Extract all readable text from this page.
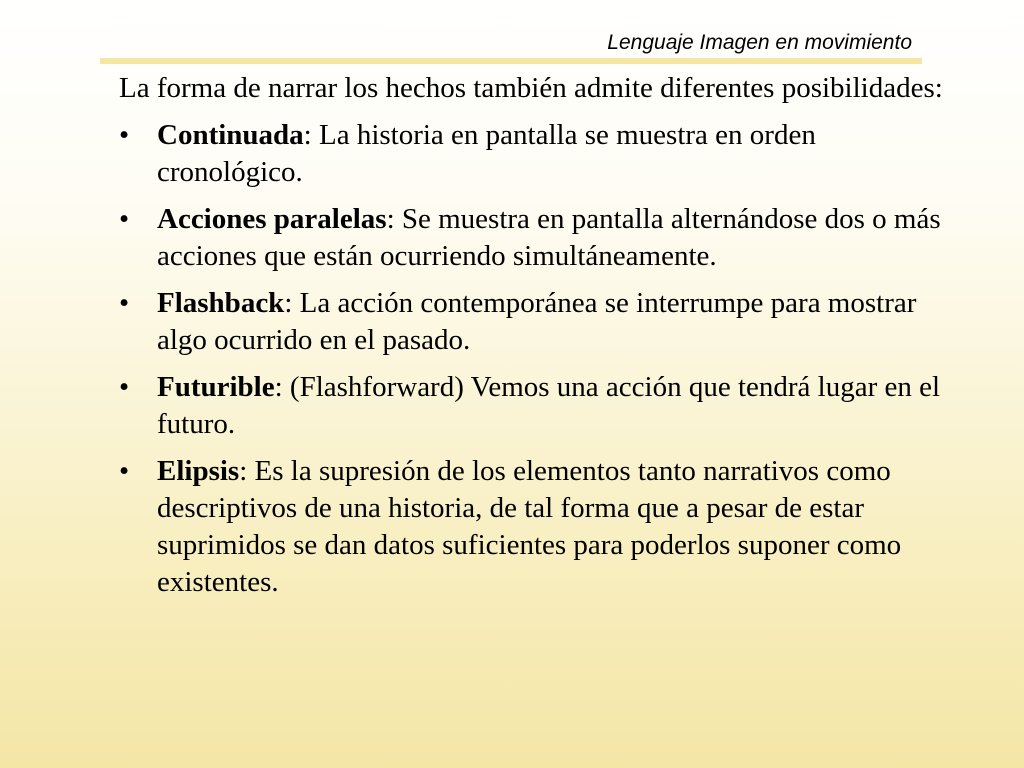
Lenguaje Imagen en movimiento

La forma de narrar los hechos también admite diferentes posibilidades:

• Continuada: La historia en pantalla se muestra en orden cronológico.
• Acciones paralelas: Se muestra en pantalla alternándose dos o más acciones que están ocurriendo simultáneamente.
• Flashback: La acción contemporánea se interrumpe para mostrar algo ocurrido en el pasado.
• Futurible: (Flashforward) Vemos una acción que tendrá lugar en el futuro.
• Elipsis: Es la supresión de los elementos tanto narrativos como descriptivos de una historia, de tal forma que a pesar de estar suprimidos se dan datos suficientes para poderlos suponer como existentes.
